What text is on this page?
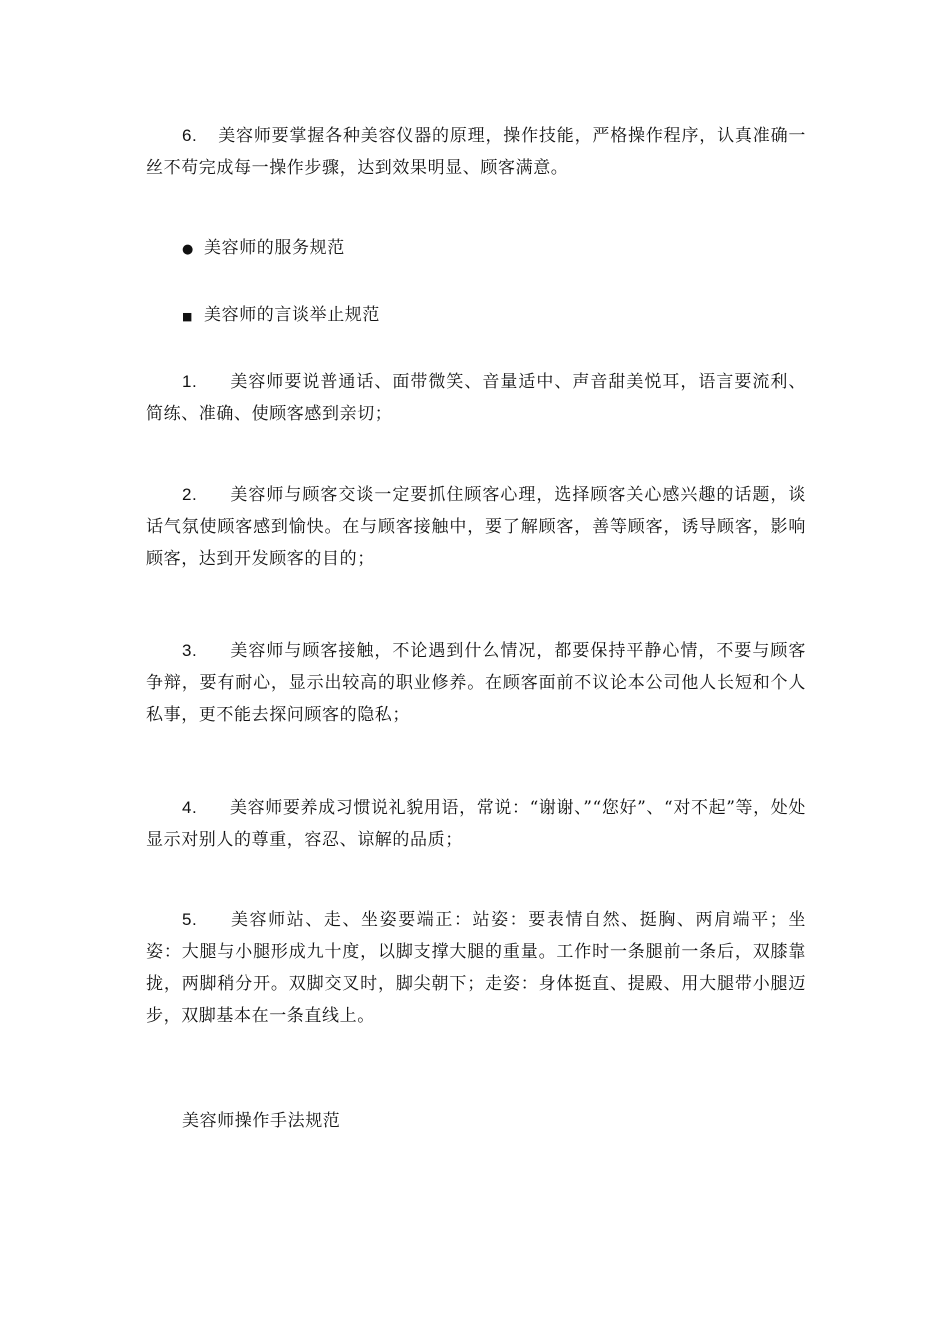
6. 美容师要掌握各种美容仪器的原理，操作技能，严格操作程序，认真准确一丝不苟完成每一操作步骤，达到效果明显、顾客满意。

● 美容师的服务规范

■ 美容师的言谈举止规范

1. 美容师要说普通话、面带微笑、音量适中、声音甜美悦耳，语言要流利、简练、准确、使顾客感到亲切；

2. 美容师与顾客交谈一定要抓住顾客心理，选择顾客关心感兴趣的话题，谈话气氛使顾客感到愉快。在与顾客接触中，要了解顾客，善等顾客，诱导顾客，影响顾客，达到开发顾客的目的；

3. 美容师与顾客接触，不论遇到什么情况，都要保持平静心情，不要与顾客争辩，要有耐心，显示出较高的职业修养。在顾客面前不议论本公司他人长短和个人私事，更不能去探问顾客的隐私；

4. 美容师要养成习惯说礼貌用语，常说：“谢谢、”“您好”、“对不起”等，处处显示对别人的尊重，容忍、谅解的品质；

5. 美容师站、走、坐姿要端正：站姿：要表情自然、挺胸、两肩端平；坐姿：大腿与小腿形成九十度，以脚支撑大腿的重量。工作时一条腿前一条后，双膝靠拢，两脚稍分开。双脚交叉时，脚尖朝下；走姿：身体挺直、提殿、用大腿带小腿迈步，双脚基本在一条直线上。

美容师操作手法规范
